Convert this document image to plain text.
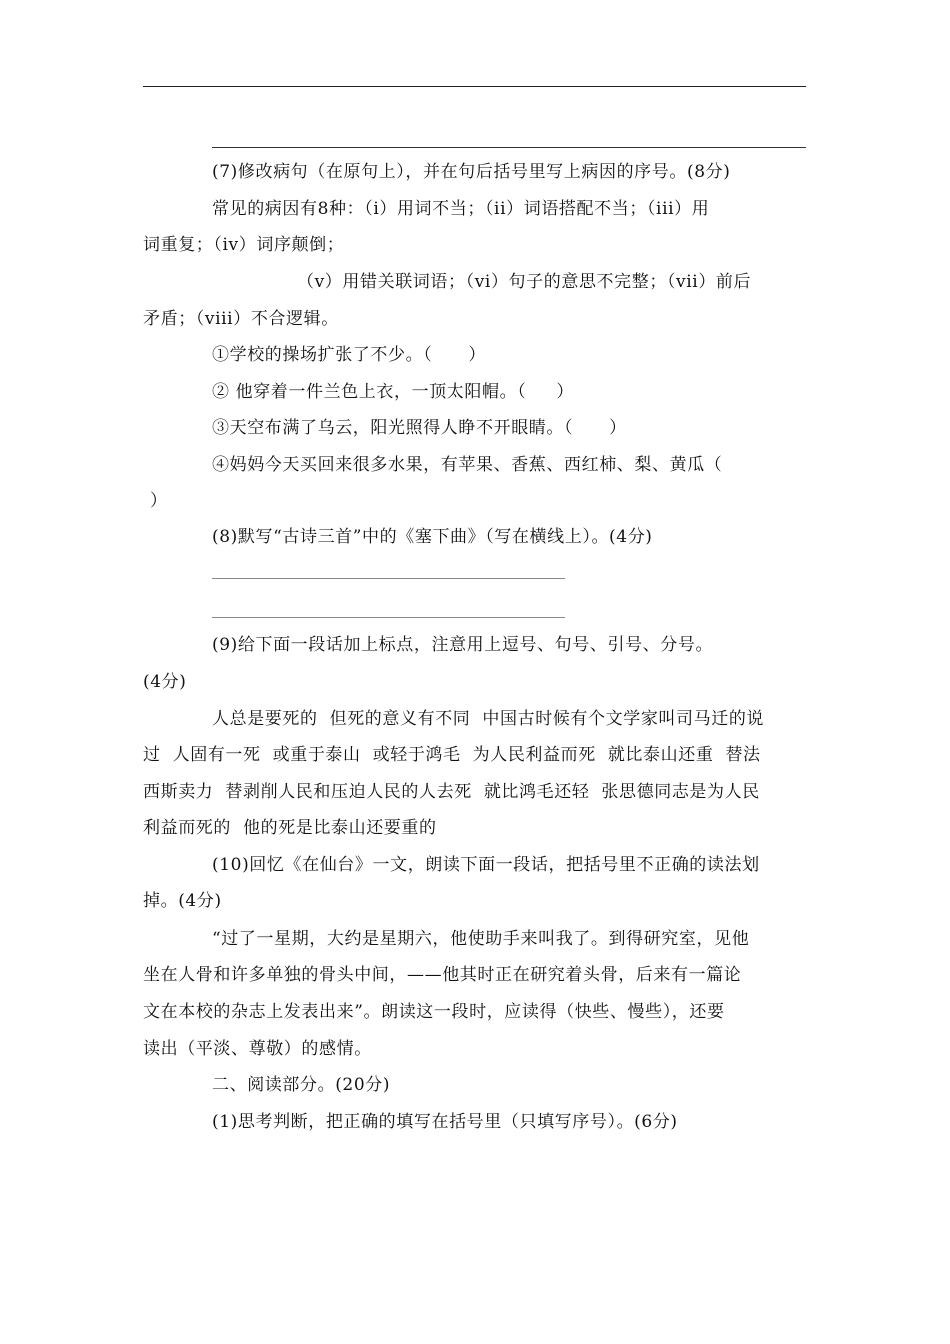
(7)修改病句（在原句上），并在句后括号里写上病因的序号。(8分)
常见的病因有8种：（i）用词不当；（ii）词语搭配不当；（iii）用
词重复；（iv）词序颠倒；
（v）用错关联词语；（vi）句子的意思不完整；（vii）前后
矛盾；（viii）不合逻辑。
①学校的操场扩张了不少。（      ）
② 他穿着一件兰色上衣，一顶太阳帽。（     ）
③天空布满了乌云，阳光照得人睁不开眼睛。（      ）
④妈妈今天买回来很多水果，有苹果、香蕉、西红柿、梨、黄瓜（
）
(8)默写“古诗三首”中的《塞下曲》（写在横线上）。(4分)
(9)给下面一段话加上标点，注意用上逗号、句号、引号、分号。
(4分)
人总是要死的  但死的意义有不同  中国古时候有个文学家叫司马迁的说
过  人固有一死  或重于泰山  或轻于鸿毛  为人民利益而死  就比泰山还重  替法
西斯卖力  替剥削人民和压迫人民的人去死  就比鸿毛还轻  张思德同志是为人民
利益而死的  他的死是比泰山还要重的
(10)回忆《在仙台》一文，朗读下面一段话，把括号里不正确的读法划
掉。(4分)
“过了一星期，大约是星期六，他使助手来叫我了。到得研究室，见他
坐在人骨和许多单独的骨头中间，——他其时正在研究着头骨，后来有一篇论
文在本校的杂志上发表出来”。朗读这一段时，应读得（快些、慢些），还要
读出（平淡、尊敬）的感情。
二、阅读部分。(20分)
(1)思考判断，把正确的填写在括号里（只填写序号）。(6分)
